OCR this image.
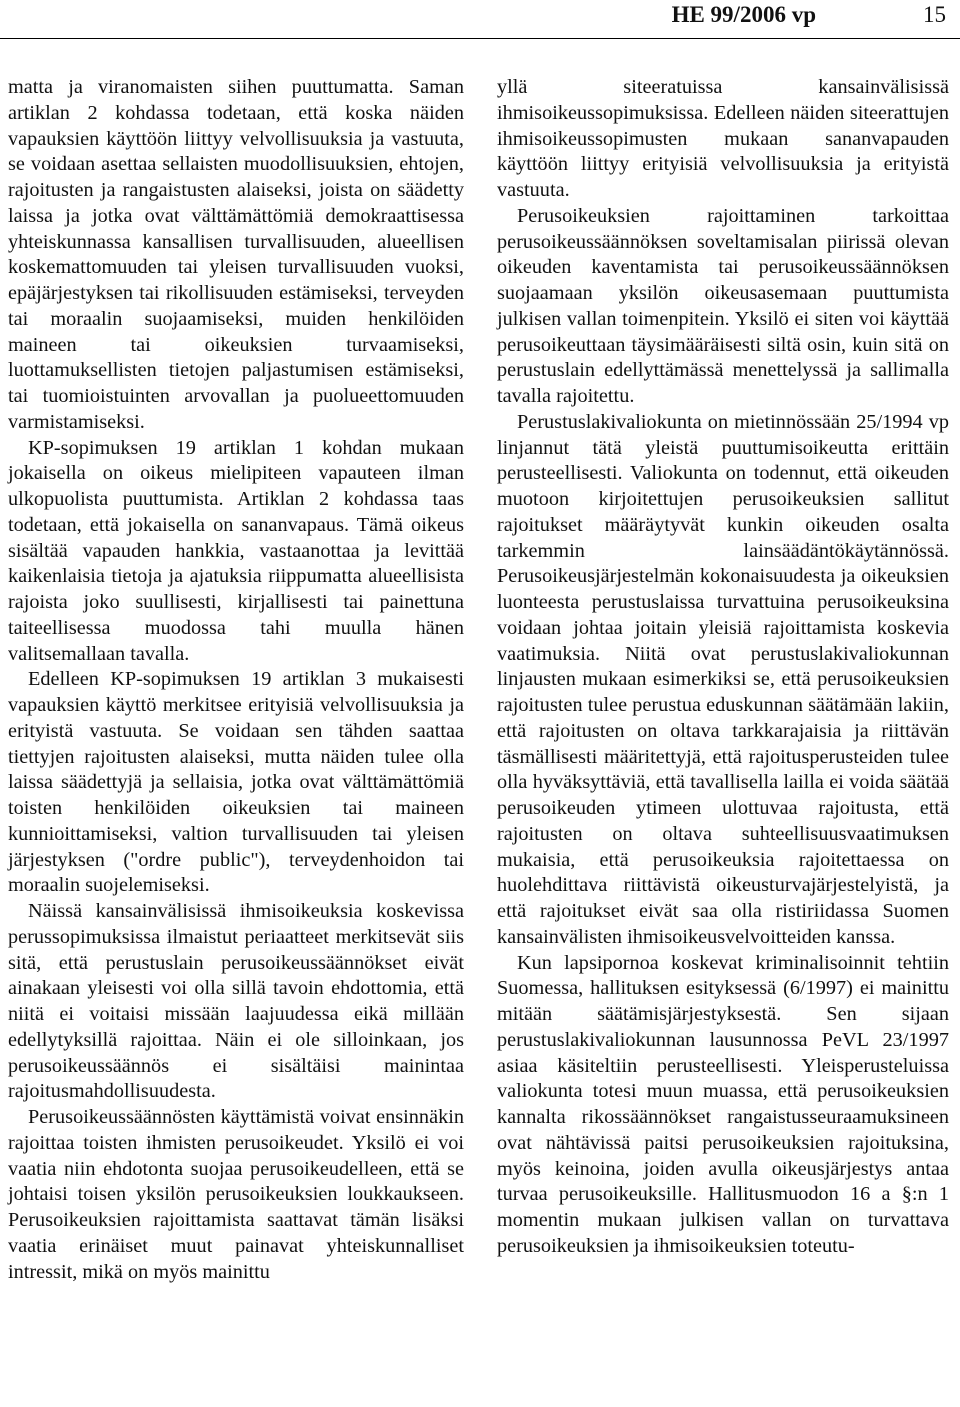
HE 99/2006 vp	15

matta ja viranomaisten siihen puuttumatta. Saman artiklan 2 kohdassa todetaan, että koska näiden vapauksien käyttöön liittyy velvollisuuksia ja vastuuta, se voidaan asettaa sellaisten muodollisuuksien, ehtojen, rajoitusten ja rangaistusten alaiseksi, joista on säädetty laissa ja jotka ovat välttämättömiä demokraattisessa yhteiskunnassa kansallisen turvallisuuden, alueellisen koskemattomuuden tai yleisen turvallisuuden vuoksi, epäjärjestyksen tai rikollisuuden estämiseksi, terveyden tai moraalin suojaamiseksi, muiden henkilöiden maineen tai oikeuksien turvaamiseksi, luottamuksellisten tietojen paljastumisen estämiseksi, tai tuomioistuinten arvovallan ja puolueettomuuden varmistamiseksi.

KP-sopimuksen 19 artiklan 1 kohdan mukaan jokaisella on oikeus mielipiteen vapauteen ilman ulkopuolista puuttumista. Artiklan 2 kohdassa taas todetaan, että jokaisella on sananvapaus. Tämä oikeus sisältää vapauden hankkia, vastaanottaa ja levittää kaikenlaisia tietoja ja ajatuksia riippumatta alueellisista rajoista joko suullisesti, kirjallisesti tai painettuna taiteellisessa muodossa tahi muulla hänen valitsemallaan tavalla.

Edelleen KP-sopimuksen 19 artiklan 3 mukaisesti vapauksien käyttö merkitsee erityisiä velvollisuuksia ja erityistä vastuuta. Se voidaan sen tähden saattaa tiettyjen rajoitusten alaiseksi, mutta näiden tulee olla laissa säädettyjä ja sellaisia, jotka ovat välttämättömiä toisten henkilöiden oikeuksien tai maineen kunnioittamiseksi, valtion turvallisuuden tai yleisen järjestyksen ("ordre public"), terveydenhoidon tai moraalin suojelemiseksi.

Näissä kansainvälisissä ihmisoikeuksia koskevissa perussopimuksissa ilmaistut periaatteet merkitsevät siis sitä, että perustuslain perusoikeussäännökset eivät ainakaan yleisesti voi olla sillä tavoin ehdottomia, että niitä ei voitaisi missään laajuudessa eikä millään edellytyksillä rajoittaa. Näin ei ole silloinkaan, jos perusoikeussäännös ei sisältäisi mainintaa rajoitusmahdollisuudesta.

Perusoikeussäännösten käyttämistä voivat ensinnäkin rajoittaa toisten ihmisten perusoikeudet. Yksilö ei voi vaatia niin ehdotonta suojaa perusoikeudelleen, että se johtaisi toisen yksilön perusoikeuksien loukkaukseen. Perusoikeuksien rajoittamista saattavat tämän lisäksi vaatia erinäiset muut painavat yhteiskunnalliset intressit, mikä on myös mainittu

yllä siteeratuissa kansainvälisissä ihmisoikeussopimuksissa. Edelleen näiden siteerattujen ihmisoikeussopimusten mukaan sananvapauden käyttöön liittyy erityisiä velvollisuuksia ja erityistä vastuuta.

Perusoikeuksien rajoittaminen tarkoittaa perusoikeussäännöksen soveltamisalan piirissä olevan oikeuden kaventamista tai perusoikeussäännöksen suojaamaan yksilön oikeusasemaan puuttumista julkisen vallan toimenpitein. Yksilö ei siten voi käyttää perusoikeuttaan täysimääräisesti siltä osin, kuin sitä on perustuslain edellyttämässä menettelyssä ja sallimalla tavalla rajoitettu.

Perustuslakivaliokunta on mietinnössään 25/1994 vp linjannut tätä yleistä puuttumisoikeutta erittäin perusteellisesti. Valiokunta on todennut, että oikeuden muotoon kirjoitettujen perusoikeuksien sallitut rajoitukset määräytyvät kunkin oikeuden osalta tarkemmin lainsäädäntökäytännössä. Perusoikeusjärjestelmän kokonaisuudesta ja oikeuksien luonteesta perustuslaissa turvattuina perusoikeuksina voidaan johtaa joitain yleisiä rajoittamista koskevia vaatimuksia. Niitä ovat perustuslakivaliokunnan linjausten mukaan esimerkiksi se, että perusoikeuksien rajoitusten tulee perustua eduskunnan säätämään lakiin, että rajoitusten on oltava tarkkarajaisia ja riittävän täsmällisesti määritettyjä, että rajoitusperusteiden tulee olla hyväksyttäviä, että tavallisella lailla ei voida säätää perusoikeuden ytimeen ulottuvaa rajoitusta, että rajoitusten on oltava suhteellisuusvaatimuksen mukaisia, että perusoikeuksia rajoitettaessa on huolehdittava riittävistä oikeusturvajärjestelyistä, ja että rajoitukset eivät saa olla ristiriidassa Suomen kansainvälisten ihmisoikeusvelvoitteiden kanssa.

Kun lapsipornoa koskevat kriminalisoinnit tehtiin Suomessa, hallituksen esityksessä (6/1997) ei mainittu mitään säätämisjärjestyksestä. Sen sijaan perustuslakivaliokunnan lausunnossa PeVL 23/1997 asiaa käsiteltiin perusteellisesti. Yleisperusteluissa valiokunta totesi muun muassa, että perusoikeuksien kannalta rikossäännökset rangaistusseuraamuksineen ovat nähtävissä paitsi perusoikeuksien rajoituksina, myös keinoina, joiden avulla oikeusjärjestys antaa turvaa perusoikeuksille. Hallitusmuodon 16 a §:n 1 momentin mukaan julkisen vallan on turvattava perusoikeuksien ja ihmisoikeuksien toteutu-
